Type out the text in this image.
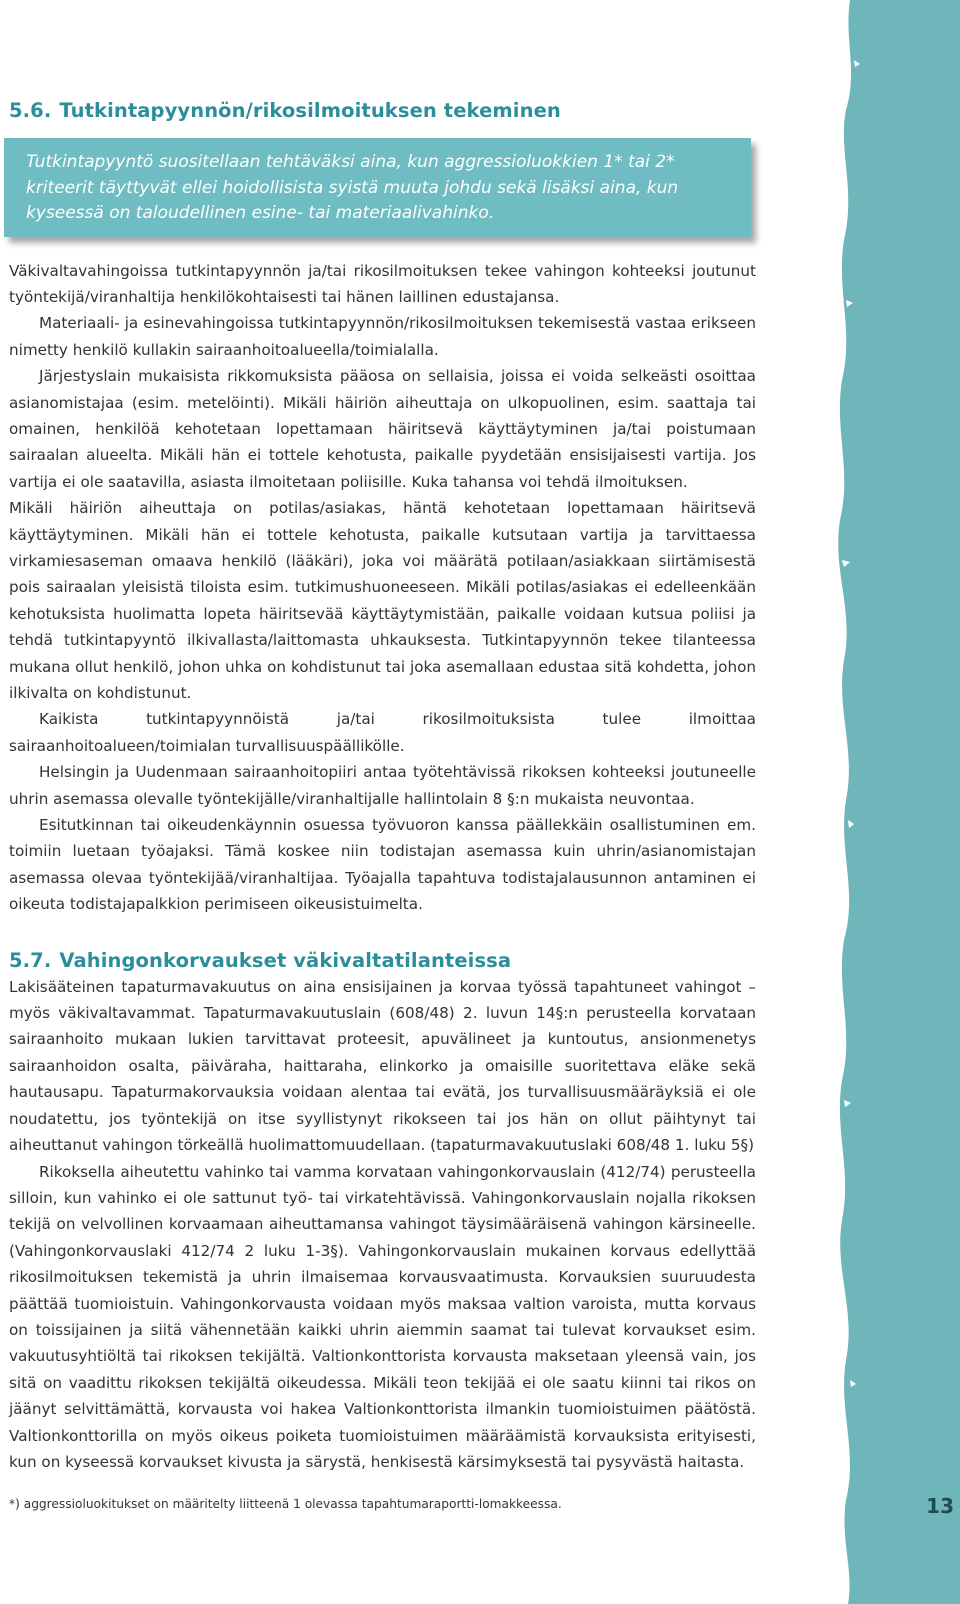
5.6. Tutkintapyynnön/rikosilmoituksen tekeminen
Tutkintapyyntö suositellaan tehtäväksi aina, kun aggressioluokkien 1* tai 2* kriteerit täyttyvät ellei hoidollisista syistä muuta johdu sekä lisäksi aina, kun kyseessä on taloudellinen esine- tai materiaalivahinko.

Väkivaltavahingoissa tutkintapyynnön ja/tai rikosilmoituksen tekee vahingon kohteeksi joutunut työntekijä/viranhaltija henkilökohtaisesti tai hänen laillinen edustajansa.

Materiaali- ja esinevahingoissa tutkintapyynnön/rikosilmoituksen tekemisestä vastaa erikseen nimetty henkilö kullakin sairaanhoitoalueella/toimialalla.

Järjestyslain mukaisista rikkomuksista pääosa on sellaisia, joissa ei voida selkeästi osoittaa asianomistajaa (esim. metelöinti). Mikäli häiriön aiheuttaja on ulkopuolinen, esim. saattaja tai omainen, henkilöä kehotetaan lopettamaan häiritsevä käyttäytyminen ja/tai poistumaan sairaalan alueelta. Mikäli hän ei tottele kehotusta, paikalle pyydetään ensisijaisesti vartija. Jos vartija ei ole saatavilla, asiasta ilmoitetaan poliisille. Kuka tahansa voi tehdä ilmoituksen.

Mikäli häiriön aiheuttaja on potilas/asiakas, häntä kehotetaan lopettamaan häiritsevä käyttäytyminen. Mikäli hän ei tottele kehotusta, paikalle kutsutaan vartija ja tarvittaessa virkamiesaseman omaava henkilö (lääkäri), joka voi määrätä potilaan/asiakkaan siirtämisestä pois sairaalan yleisistä tiloista esim. tutkimushuoneeseen. Mikäli potilas/asiakas ei edelleenkään kehotuksista huolimatta lopeta häiritsevää käyttäytymistään, paikalle voidaan kutsua poliisi ja tehdä tutkintapyyntö ilkivallasta/laittomasta uhkauksesta. Tutkintapyynnön tekee tilanteessa mukana ollut henkilö, johon uhka on kohdistunut tai joka asemallaan edustaa sitä kohdetta, johon ilkivalta on kohdistunut.

Kaikista tutkintapyynnöistä ja/tai rikosilmoituksista tulee ilmoittaa sairaanhoitoalueen/toimialan turvallisuuspäällikölle.

Helsingin ja Uudenmaan sairaanhoitopiiri antaa työtehtävissä rikoksen kohteeksi joutuneelle uhrin asemassa olevalle työntekijälle/viranhaltijalle hallintolain 8 §:n mukaista neuvontaa.

Esitutkinnan tai oikeudenkäynnin osuessa työvuoron kanssa päällekkäin osallistuminen em. toimiin luetaan työajaksi. Tämä koskee niin todistajan asemassa kuin uhrin/asianomistajan asemassa olevaa työntekijää/viranhaltijaa. Työajalla tapahtuva todistajalausunnon antaminen ei oikeuta todistajapalkkion perimiseen oikeusistuimelta.

5.7. Vahingonkorvaukset väkivaltatilanteissa

Lakisääteinen tapaturmavakuutus on aina ensisijainen ja korvaa työssä tapahtuneet vahingot – myös väkivaltavammat. Tapaturmavakuutuslain (608/48) 2. luvun 14§:n perusteella korvataan sairaanhoito mukaan lukien tarvittavat proteesit, apuvälineet ja kuntoutus, ansionmenetys sairaanhoidon osalta, päiväraha, haittaraha, elinkorko ja omaisille suoritettava eläke sekä hautausapu. Tapaturmakorvauksia voidaan alentaa tai evätä, jos turvallisuusmääräyksiä ei ole noudatettu, jos työntekijä on itse syyllistynyt rikokseen tai jos hän on ollut päihtynyt tai aiheuttanut vahingon törkeällä huolimattomuudellaan. (tapaturmavakuutuslaki 608/48 1. luku 5§)

Rikoksella aiheutettu vahinko tai vamma korvataan vahingonkorvauslain (412/74) perusteella silloin, kun vahinko ei ole sattunut työ- tai virkatehtävissä. Vahingonkorvauslain nojalla rikoksen tekijä on velvollinen korvaamaan aiheuttamansa vahingot täysimääräisenä vahingon kärsineelle. (Vahingonkorvauslaki 412/74 2 luku 1-3§). Vahingonkorvauslain mukainen korvaus edellyttää rikosilmoituksen tekemistä ja uhrin ilmaisemaa korvausvaatimusta. Korvauksien suuruudesta päättää tuomioistuin. Vahingonkorvausta voidaan myös maksaa valtion varoista, mutta korvaus on toissijainen ja siitä vähennetään kaikki uhrin aiemmin saamat tai tulevat korvaukset esim. vakuutusyhtiöltä tai rikoksen tekijältä. Valtionkonttorista korvausta maksetaan yleensä vain, jos sitä on vaadittu rikoksen tekijältä oikeudessa. Mikäli teon tekijää ei ole saatu kiinni tai rikos on jäänyt selvittämättä, korvausta voi hakea Valtionkonttorista ilmankin tuomioistuimen päätöstä. Valtionkonttorilla on myös oikeus poiketa tuomioistuimen määräämistä korvauksista erityisesti, kun on kyseessä korvaukset kivusta ja särystä, henkisestä kärsimyksestä tai pysyvästä haitasta.

*) aggressioluokitukset on määritelty liitteenä 1 olevassa tapahtumaraportti-lomakkeessa.	13
